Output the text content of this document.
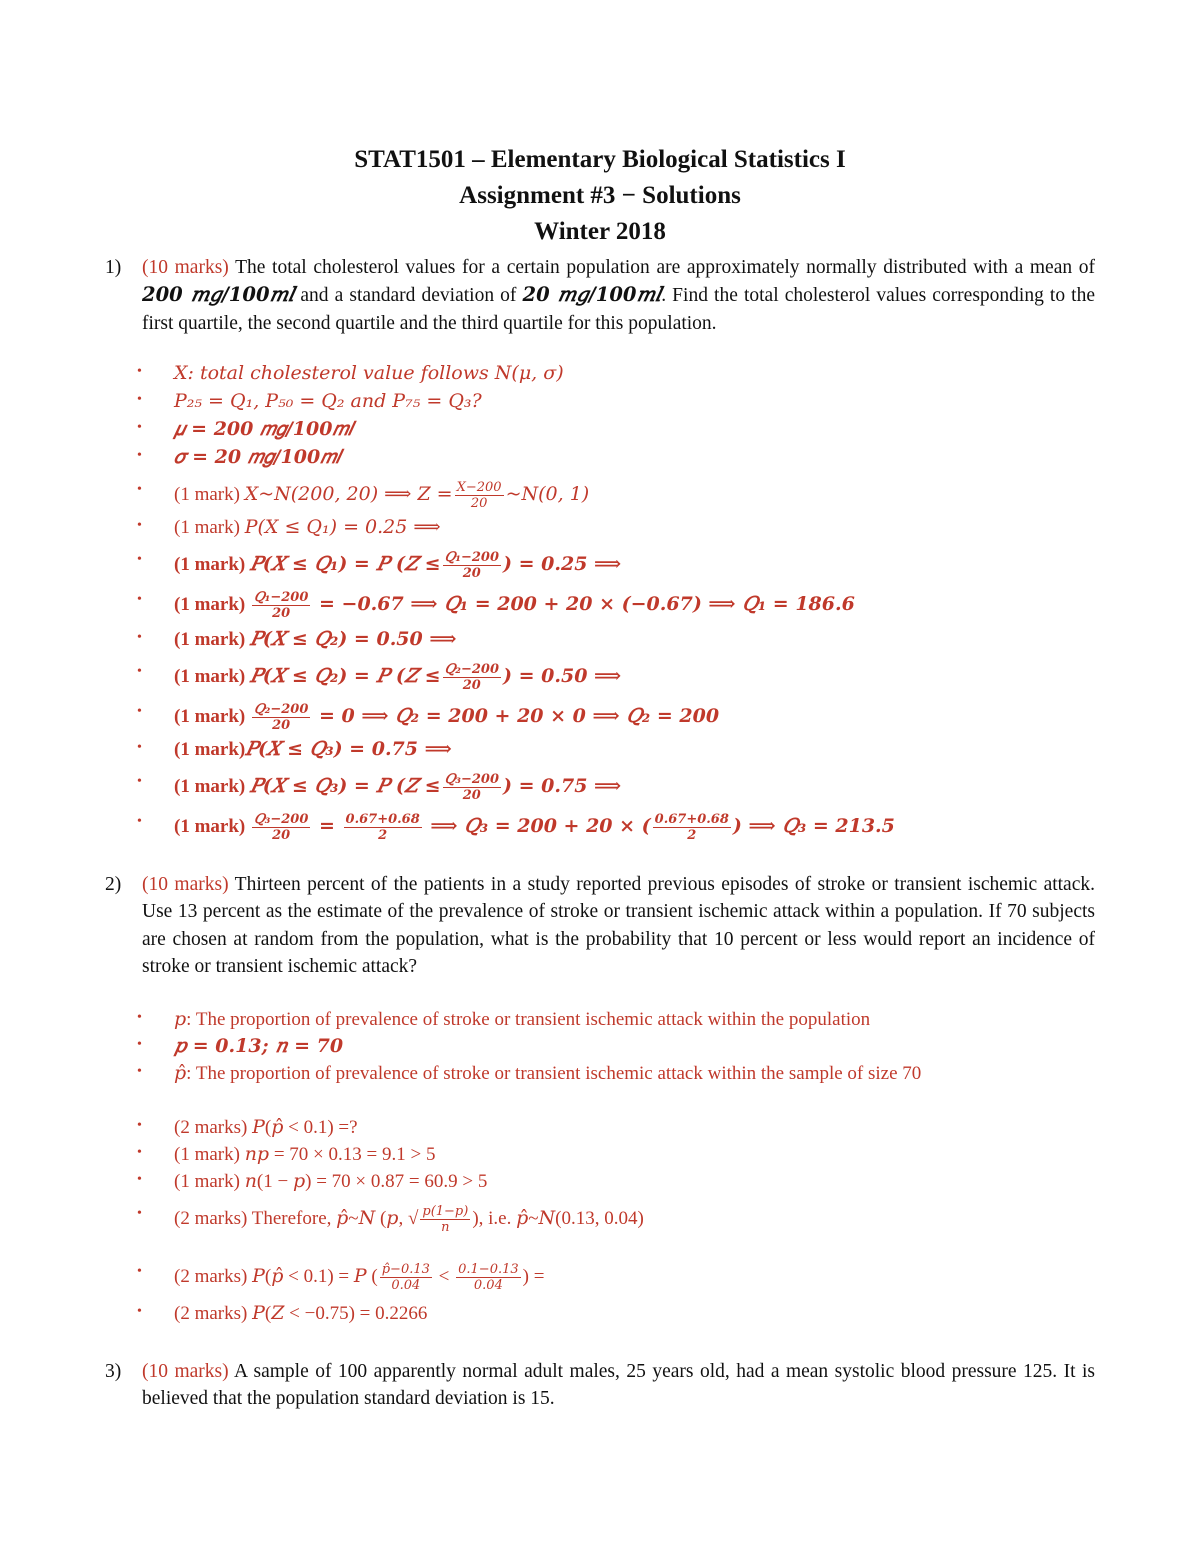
STAT1501 – Elementary Biological Statistics I
Assignment #3 − Solutions
Winter 2018
1) (10 marks) The total cholesterol values for a certain population are approximately normally distributed with a mean of 200 𝑚𝑔/100𝑚𝑙 and a standard deviation of 20 𝑚𝑔/100𝑚𝑙. Find the total cholesterol values corresponding to the first quartile, the second quartile and the third quartile for this population.
• 𝑋: total cholesterol value follows 𝑁(𝜇, 𝜎)
• 𝑃₂₅ = 𝑄₁, 𝑃₅₀ = 𝑄₂ and 𝑃₇₅ = 𝑄₃?
• 𝜇 = 200 𝑚𝑔/100𝑚𝑙
• 𝜎 = 20 𝑚𝑔/100𝑚𝑙
• (1 mark) 𝑋~𝑁(200, 20) ⟹ 𝑍 = $\frac{\text{𝑋−200}}{20}$ ~𝑁(0, 1)
• (1 mark) 𝑃(𝑋 ≤ 𝑄₁) = 0.25 ⟹
• (1 mark) 𝑃(𝑋 ≤ 𝑄₁) = 𝑃 (𝑍 ≤ $\frac{\text{𝑄₁−200}}{20}$ ) = 0.25 ⟹
• (1 mark) $\frac{\text{𝑄₁−200}}{20} = -0.67$ ⟹ 𝑄₁ = 200 + 20 × (−0.67) ⟹ 𝑄₁ = 186.6
• (1 mark) 𝑃(𝑋 ≤ 𝑄₂) = 0.50 ⟹
• (1 mark) 𝑃(𝑋 ≤ 𝑄₂) = 𝑃 (𝑍 ≤ $\frac{\text{𝑄₂−200}}{20}$ ) = 0.50 ⟹
• (1 mark) $\frac{\text{𝑄₂−200}}{20} = 0$ ⟹ 𝑄₂ = 200 + 20 × 0 ⟹ 𝑄₂ = 200
• (1 mark)𝑃(𝑋 ≤ 𝑄₃) = 0.75 ⟹
• (1 mark) 𝑃(𝑋 ≤ 𝑄₃) = 𝑃 (𝑍 ≤ $\frac{\text{𝑄₃−200}}{20}$ ) = 0.75 ⟹
• (1 mark) $\frac{\text{𝑄₃−200}}{20} = \frac{0.67+0.68}{2}$ ⟹ 𝑄₃ = 200 + 20 × ( $\frac{0.67+0.68}{2}$ ) ⟹ 𝑄₃ = 213.5
2) (10 marks) Thirteen percent of the patients in a study reported previous episodes of stroke or transient ischemic attack. Use 13 percent as the estimate of the prevalence of stroke or transient ischemic attack within a population. If 70 subjects are chosen at random from the population, what is the probability that 10 percent or less would report an incidence of stroke or transient ischemic attack?
• 𝑝: The proportion of prevalence of stroke or transient ischemic attack within the population
• 𝑝 = 0.13; 𝑛 = 70
• 𝑝̂: The proportion of prevalence of stroke or transient ischemic attack within the sample of size 70
• (2 marks) 𝑃(𝑝̂ < 0.1) =?
• (1 mark) 𝑛𝑝 = 70 × 0.13 = 9.1 > 5
• (1 mark) 𝑛(1 − 𝑝) = 70 × 0.87 = 60.9 > 5
• (2 marks) Therefore, 𝑝̂~𝑁 (𝑝, √ $\frac{\text{𝑝(1−𝑝)}}{\text{𝑛}}$ ), i.e. 𝑝̂~𝑁(0.13, 0.04)
• (2 marks) 𝑃(𝑝̂ < 0.1) = 𝑃 ( $\frac{\text{𝑝̂−0.13}}{0.04} < \frac{0.1-0.13}{0.04}$ ) =
• (2 marks) 𝑃(𝑍 < −0.75) = 0.2266
3) (10 marks) A sample of 100 apparently normal adult males, 25 years old, had a mean systolic blood pressure 125. It is believed that the population standard deviation is 15.
